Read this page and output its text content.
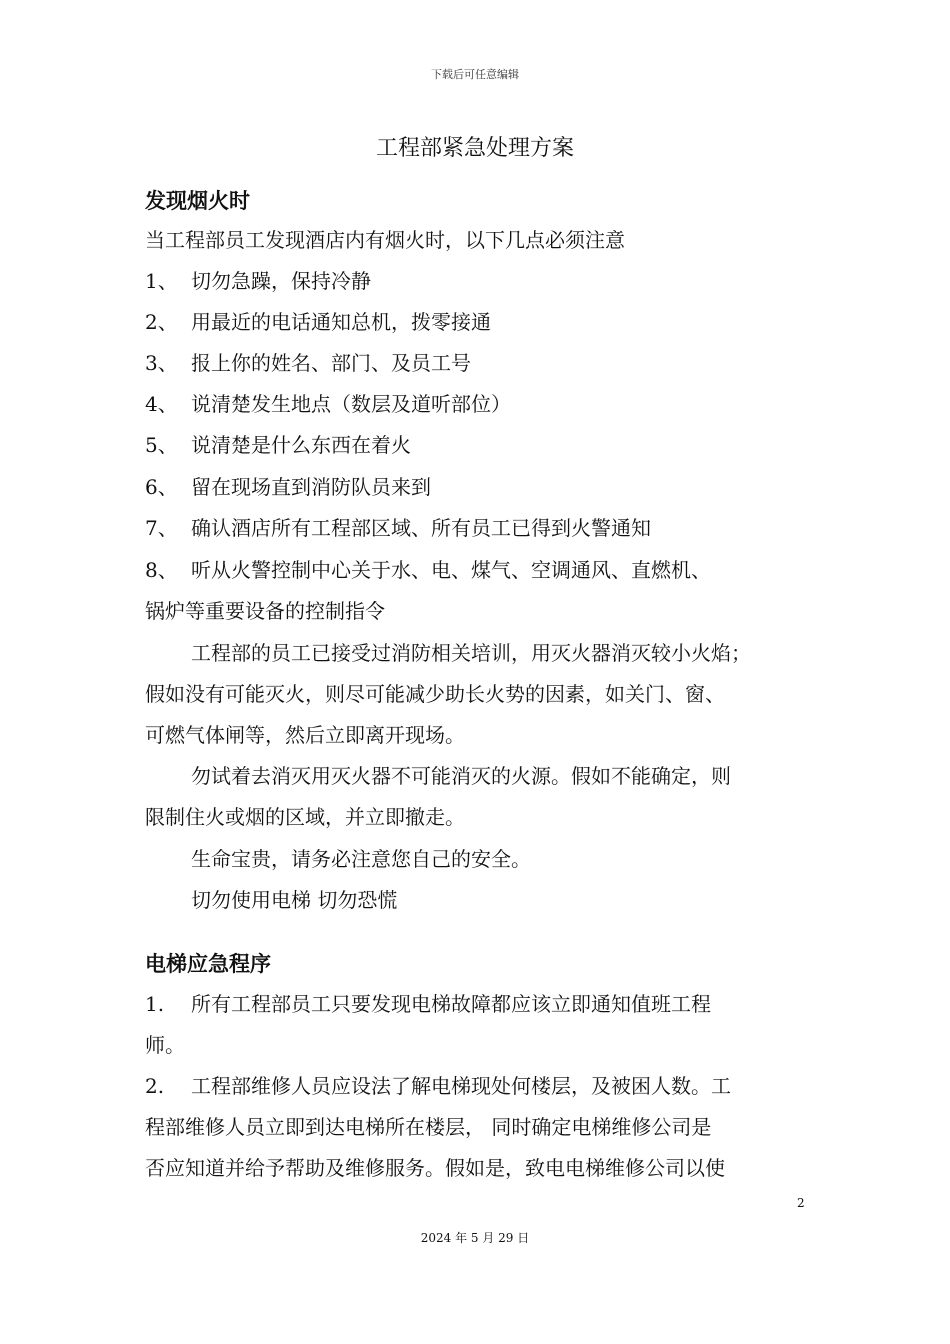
下载后可任意编辑
工程部紧急处理方案
发现烟火时
当工程部员工发现酒店内有烟火时，以下几点必须注意
1、 切勿急躁，保持冷静
2、 用最近的电话通知总机，拨零接通
3、 报上你的姓名、部门、及员工号
4、 说清楚发生地点（数层及道听部位）
5、 说清楚是什么东西在着火
6、 留在现场直到消防队员来到
7、 确认酒店所有工程部区域、所有员工已得到火警通知
8、 听从火警控制中心关于水、电、煤气、空调通风、直燃机、
锅炉等重要设备的控制指令
工程部的员工已接受过消防相关培训，用灭火器消灭较小火焰；
假如没有可能灭火，则尽可能减少助长火势的因素，如关门、窗、
可燃气体闸等，然后立即离开现场。
勿试着去消灭用灭火器不可能消灭的火源。假如不能确定，则
限制住火或烟的区域，并立即撤走。
生命宝贵，请务必注意您自己的安全。
切勿使用电梯 切勿恐慌
电梯应急程序
1. 所有工程部员工只要发现电梯故障都应该立即通知值班工程
师。
2. 工程部维修人员应设法了解电梯现处何楼层，及被困人数。工
程部维修人员立即到达电梯所在楼层， 同时确定电梯维修公司是
否应知道并给予帮助及维修服务。假如是，致电电梯维修公司以使
2
2024 年 5 月 29 日
